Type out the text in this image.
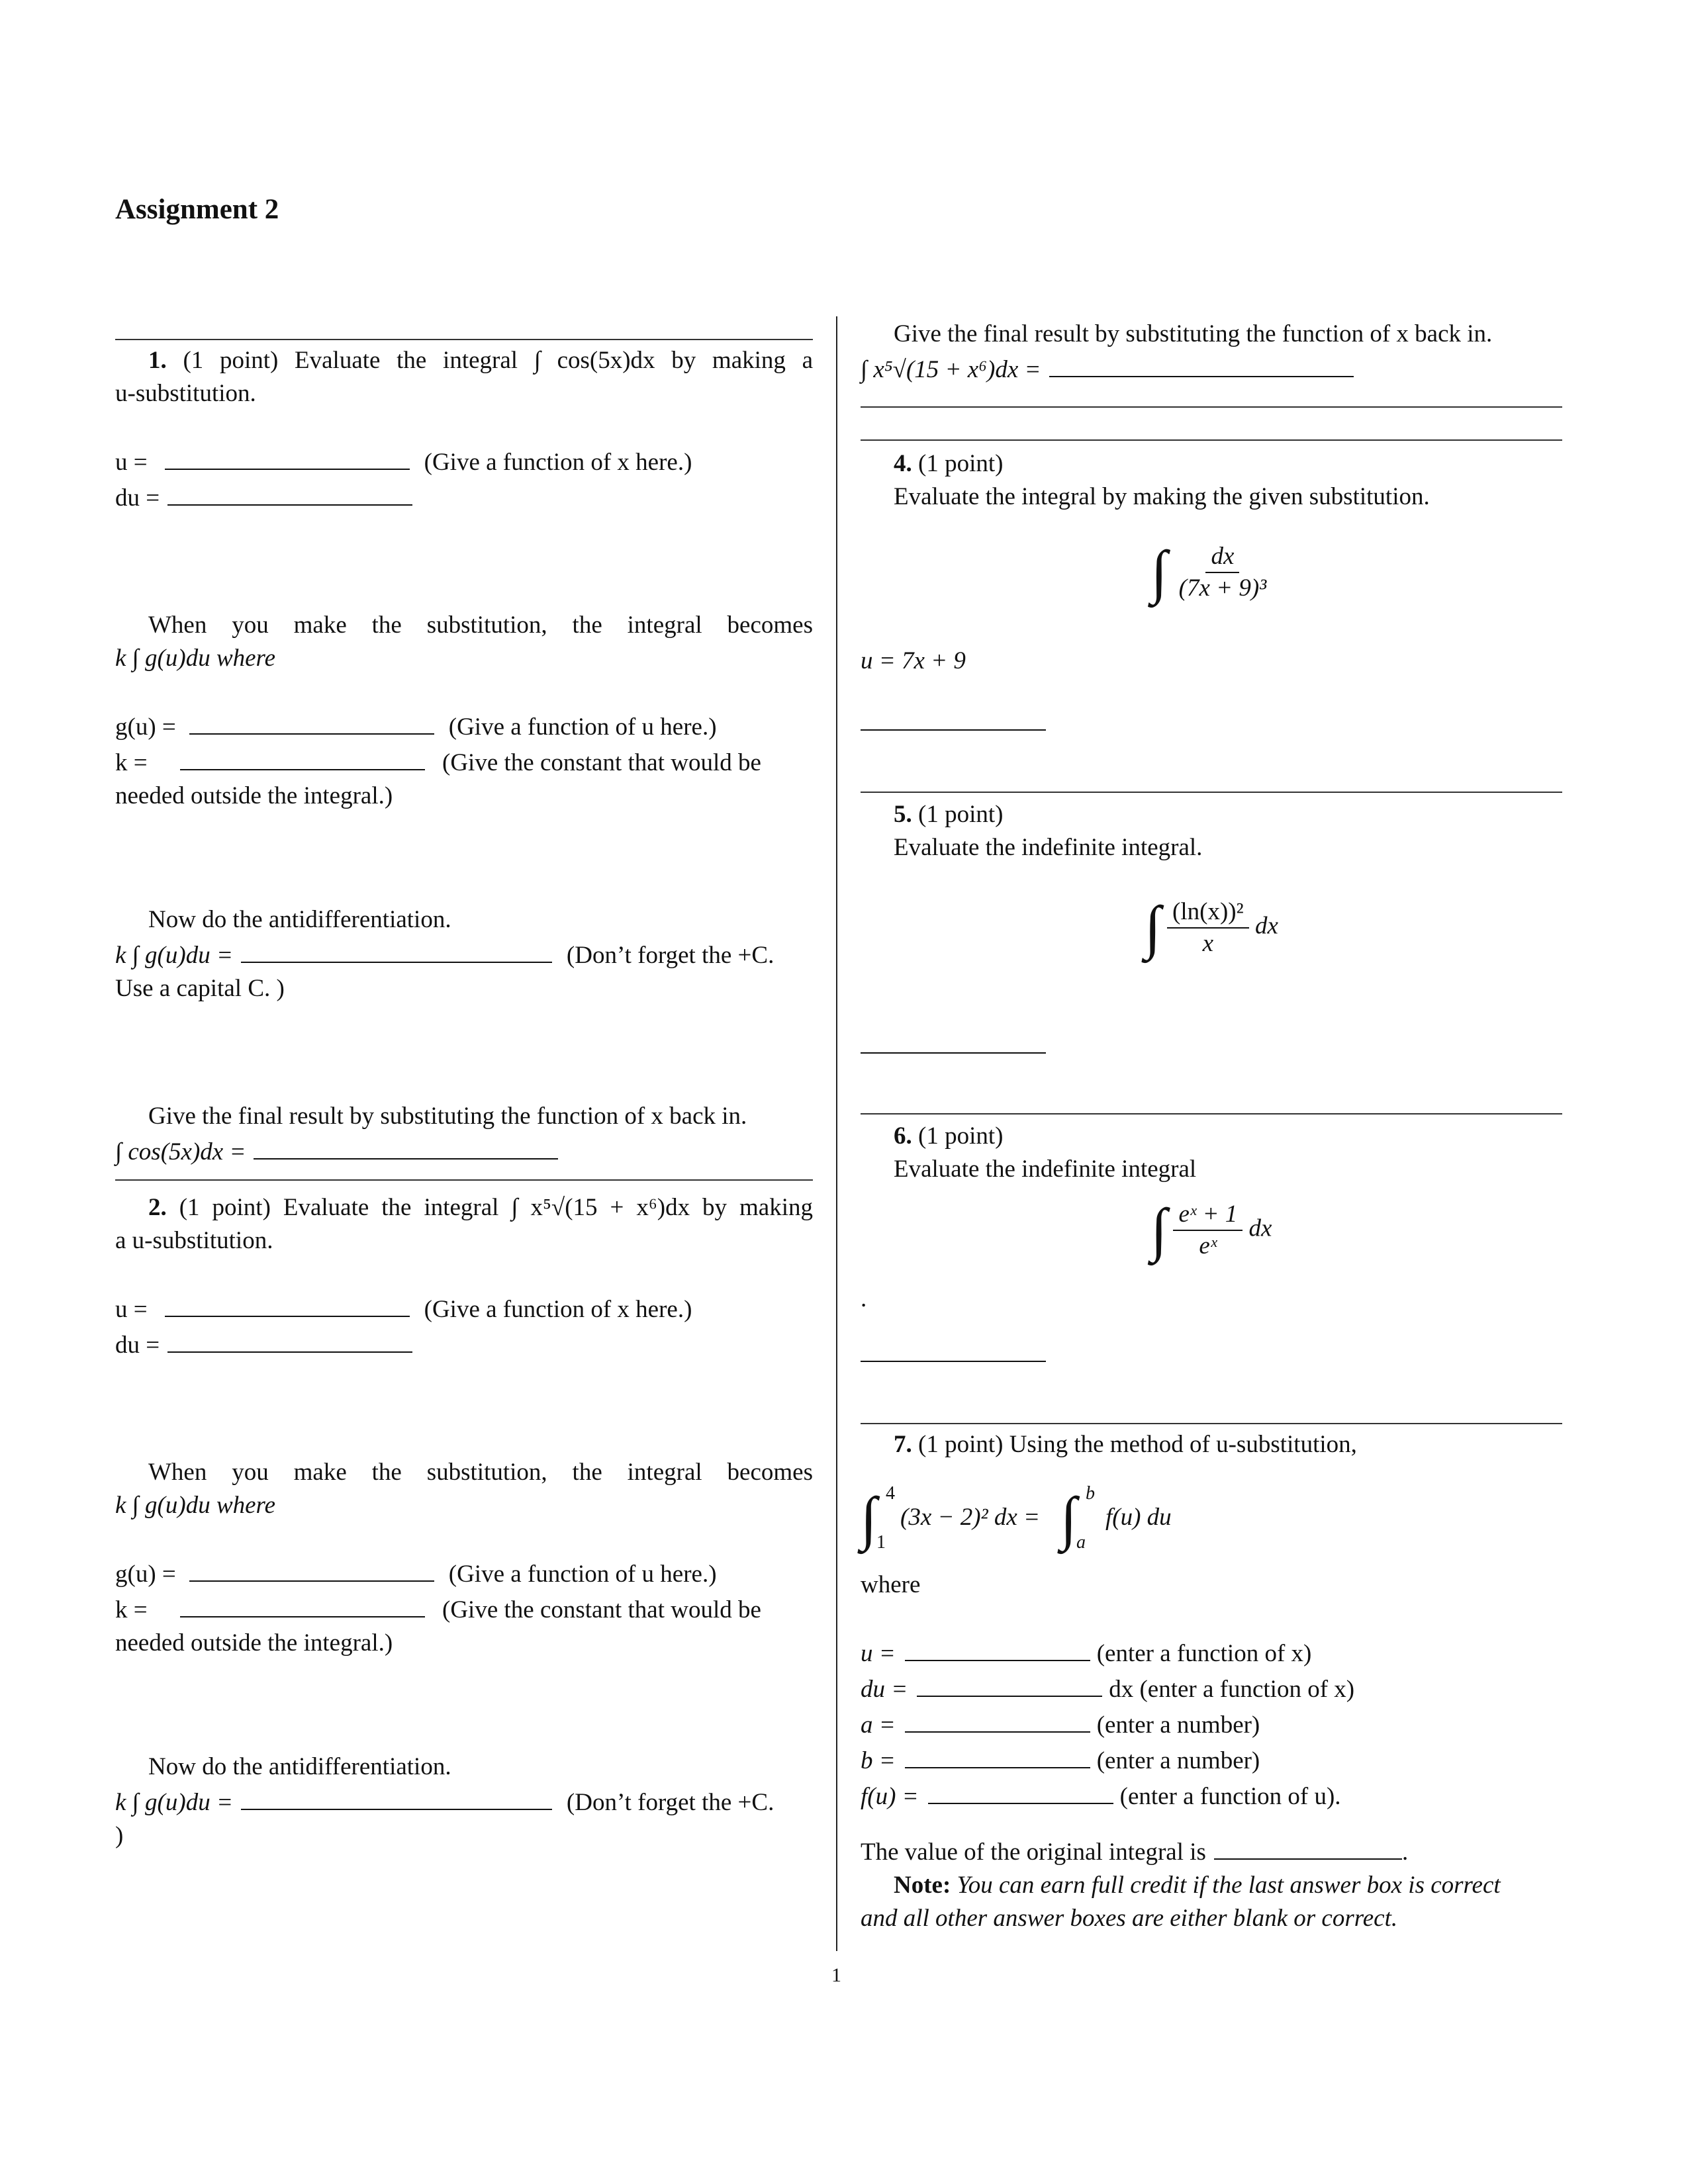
Assignment 2
1. (1 point) Evaluate the integral ∫ cos(5x)dx by making a
u-substitution.
u =	(Give a function of x here.)
du =
When you make the substitution, the integral becomes
k ∫ g(u)du where
g(u) =	(Give a function of u here.)
k =	(Give the constant that would be
needed outside the integral.)
Now do the antidifferentiation.
k ∫ g(u)du =	(Don’t forget the +C.
Use a capital C. )
Give the final result by substituting the function of x back in.
∫ cos(5x)dx =
2. (1 point) Evaluate the integral ∫ x⁵√(15 + x⁶)dx by making
a u-substitution.
u =	(Give a function of x here.)
du =
When you make the substitution, the integral becomes
k ∫ g(u)du where
g(u) =	(Give a function of u here.)
k =	(Give the constant that would be
needed outside the integral.)
Now do the antidifferentiation.
k ∫ g(u)du =	(Don’t forget the +C.
)
Give the final result by substituting the function of x back in.
∫ x⁵√(15 + x⁶)dx =
4. (1 point)
Evaluate the integral by making the given substitution.
∫ $\frac{dx}{\text{(7x + 9)³}}$
u = 7x + 9
5. (1 point)
Evaluate the indefinite integral.
∫ $\frac{\text{(ln(x))²}}{x}$ dx
6. (1 point)
Evaluate the indefinite integral
∫ $\frac{\text{eˣ + 1}}{\text{eˣ}}$ dx
.
7. (1 point) Using the method of u-substitution,
∫ 4
1
(3x − 2)² dx = ∫ b
a
f(u) du
where
u =	(enter a function of x)
du =	dx (enter a function of x)
a =	(enter a number)
b =	(enter a number)
f(u) =	(enter a function of u).
The value of the original integral is	.
Note: You can earn full credit if the last answer box is correct
and all other answer boxes are either blank or correct.
1
